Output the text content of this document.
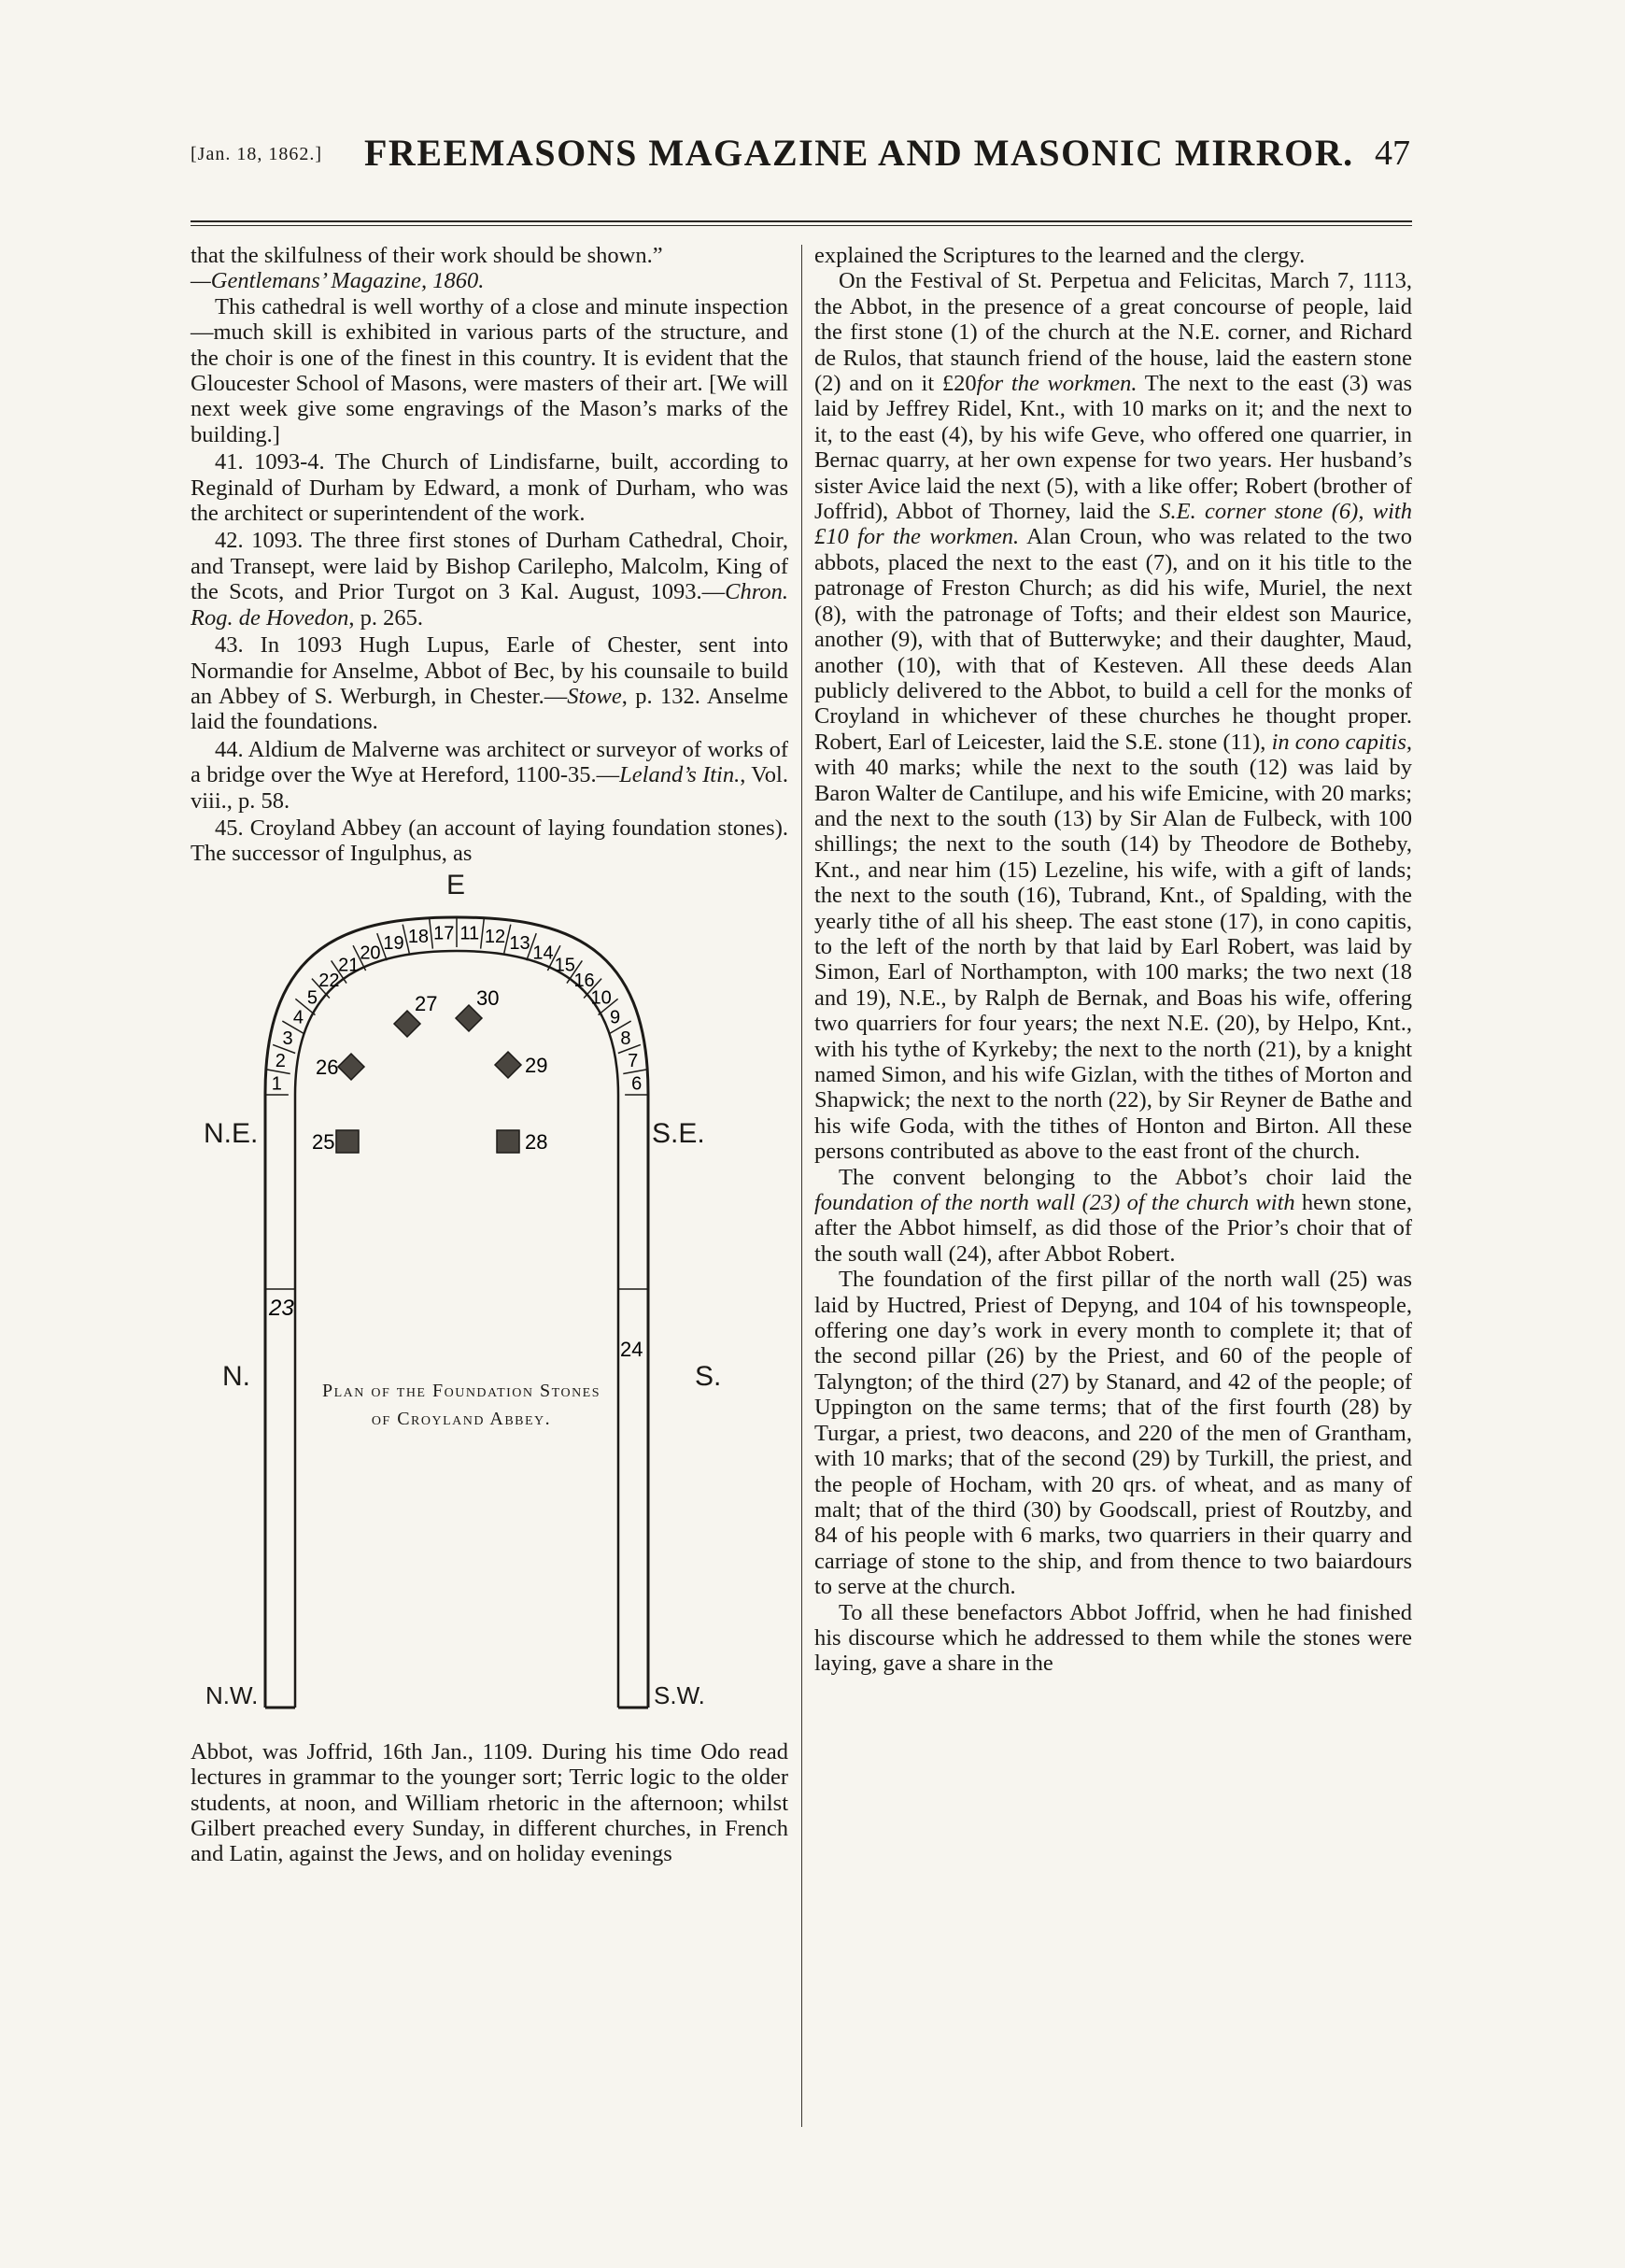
[Jan. 18, 1862.] FREEMASONS MAGAZINE AND MASONIC MIRROR. 47

that the skilfulness of their work should be shown.”

—Gentlemans’ Magazine, 1860.

This cathedral is well worthy of a close and minute inspection—much skill is exhibited in various parts of the structure, and the choir is one of the finest in this country. It is evident that the Gloucester School of Masons, were masters of their art. [We will next week give some engravings of the Mason’s marks of the building.]

41. 1093-4. The Church of Lindisfarne, built, according to Reginald of Durham by Edward, a monk of Durham, who was the architect or superintendent of the work.

42. 1093. The three first stones of Durham Cathedral, Choir, and Transept, were laid by Bishop Carilepho, Malcolm, King of the Scots, and Prior Turgot on 3 Kal. August, 1093.—Chron. Rog. de Hovedon, p. 265.

43. In 1093 Hugh Lupus, Earle of Chester, sent into Normandie for Anselme, Abbot of Bec, by his counsaile to build an Abbey of S. Werburgh, in Chester.—Stowe, p. 132. Anselme laid the foundations.

44. Aldium de Malverne was architect or surveyor of works of a bridge over the Wye at Hereford, 1100-35.—Leland’s Itin., Vol. viii., p. 58.

45. Croyland Abbey (an account of laying foundation stones). The successor of Ingulphus, as

1
2
3
4
5
22
21
20 19 18 17 11 12 13 14
15
16
10
9
8
7
6
25
26
27
28
29
30
23
24
E
N.E.	S.E.
N.	S.
N.W.	S.W.
Plan of the Foundation Stones
of Croyland Abbey.

Abbot, was Joffrid, 16th Jan., 1109. During his time Odo read lectures in grammar to the younger sort; Terric logic to the older students, at noon, and William rhetoric in the afternoon; whilst Gilbert preached every Sunday, in different churches, in French and Latin, against the Jews, and on holiday evenings

explained the Scriptures to the learned and the clergy.

On the Festival of St. Perpetua and Felicitas, March 7, 1113, the Abbot, in the presence of a great concourse of people, laid the first stone (1) of the church at the N.E. corner, and Richard de Rulos, that staunch friend of the house, laid the eastern stone (2) and on it £20for the workmen. The next to the east (3) was laid by Jeffrey Ridel, Knt., with 10 marks on it; and the next to it, to the east (4), by his wife Geve, who offered one quarrier, in Bernac quarry, at her own expense for two years. Her husband’s sister Avice laid the next (5), with a like offer; Robert (brother of Joffrid), Abbot of Thorney, laid the S.E. corner stone (6), with £10 for the workmen. Alan Croun, who was related to the two abbots, placed the next to the east (7), and on it his title to the patronage of Freston Church; as did his wife, Muriel, the next (8), with the patronage of Tofts; and their eldest son Maurice, another (9), with that of Butterwyke; and their daughter, Maud, another (10), with that of Kesteven. All these deeds Alan publicly delivered to the Abbot, to build a cell for the monks of Croyland in whichever of these churches he thought proper. Robert, Earl of Leicester, laid the S.E. stone (11), in cono capitis, with 40 marks; while the next to the south (12) was laid by Baron Walter de Cantilupe, and his wife Emicine, with 20 marks; and the next to the south (13) by Sir Alan de Fulbeck, with 100 shillings; the next to the south (14) by Theodore de Botheby, Knt., and near him (15) Lezeline, his wife, with a gift of lands; the next to the south (16), Tubrand, Knt., of Spalding, with the yearly tithe of all his sheep. The east stone (17), in cono capitis, to the left of the north by that laid by Earl Robert, was laid by Simon, Earl of Northampton, with 100 marks; the two next (18 and 19), N.E., by Ralph de Bernak, and Boas his wife, offering two quarriers for four years; the next N.E. (20), by Helpo, Knt., with his tythe of Kyrkeby; the next to the north (21), by a knight named Simon, and his wife Gizlan, with the tithes of Morton and Shapwick; the next to the north (22), by Sir Reyner de Bathe and his wife Goda, with the tithes of Honton and Birton. All these persons contributed as above to the east front of the church.

The convent belonging to the Abbot’s choir laid the foundation of the north wall (23) of the church with hewn stone, after the Abbot himself, as did those of the Prior’s choir that of the south wall (24), after Abbot Robert.

The foundation of the first pillar of the north wall (25) was laid by Huctred, Priest of Depyng, and 104 of his townspeople, offering one day’s work in every month to complete it; that of the second pillar (26) by the Priest, and 60 of the people of Talyngton; of the third (27) by Stanard, and 42 of the people; of Uppington on the same terms; that of the first fourth (28) by Turgar, a priest, two deacons, and 220 of the men of Grantham, with 10 marks; that of the second (29) by Turkill, the priest, and the people of Hocham, with 20 qrs. of wheat, and as many of malt; that of the third (30) by Goodscall, priest of Routzby, and 84 of his people with 6 marks, two quarriers in their quarry and carriage of stone to the ship, and from thence to two baiardours to serve at the church.

To all these benefactors Abbot Joffrid, when he had finished his discourse which he addressed to them while the stones were laying, gave a share in the
